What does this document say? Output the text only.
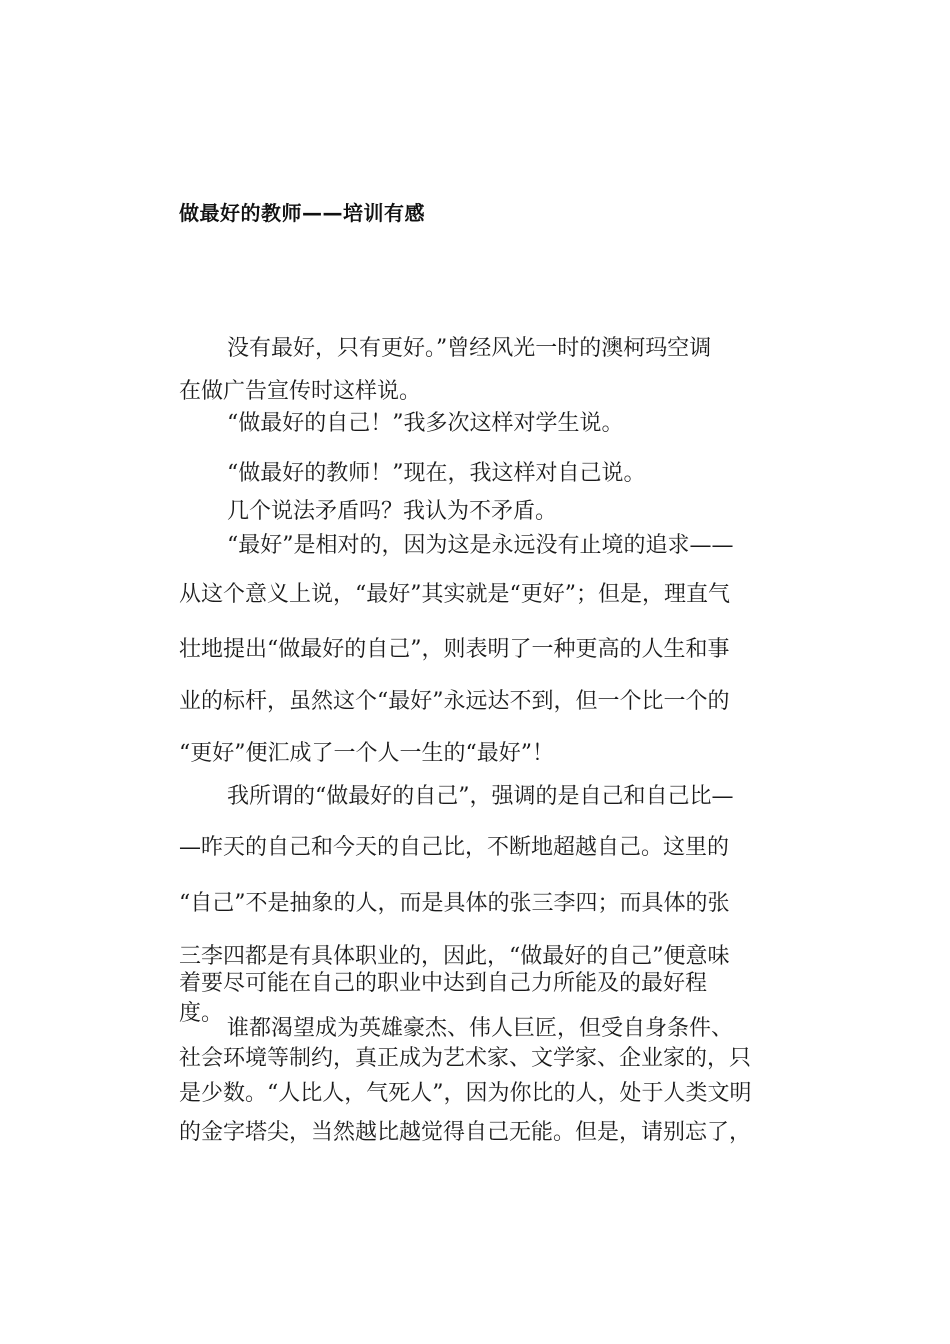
做最好的教师——培训有感
没有最好，只有更好。”曾经风光一时的澳柯玛空调
在做广告宣传时这样说。
“做最好的自己！”我多次这样对学生说。
“做最好的教师！”现在，我这样对自己说。
几个说法矛盾吗？我认为不矛盾。
“最好”是相对的，因为这是永远没有止境的追求——
从这个意义上说，“最好”其实就是“更好”；但是，理直气
壮地提出“做最好的自己”，则表明了一种更高的人生和事
业的标杆，虽然这个“最好”永远达不到，但一个比一个的
“更好”便汇成了一个人一生的“最好”！
我所谓的“做最好的自己”，强调的是自己和自己比—
—昨天的自己和今天的自己比，不断地超越自己。这里的
“自己”不是抽象的人，而是具体的张三李四；而具体的张
三李四都是有具体职业的，因此，“做最好的自己”便意味
着要尽可能在自己的职业中达到自己力所能及的最好程
度。
谁都渴望成为英雄豪杰、伟人巨匠，但受自身条件、
社会环境等制约，真正成为艺术家、文学家、企业家的，只
是少数。“人比人，气死人”，因为你比的人，处于人类文明
的金字塔尖，当然越比越觉得自己无能。但是，请别忘了，
